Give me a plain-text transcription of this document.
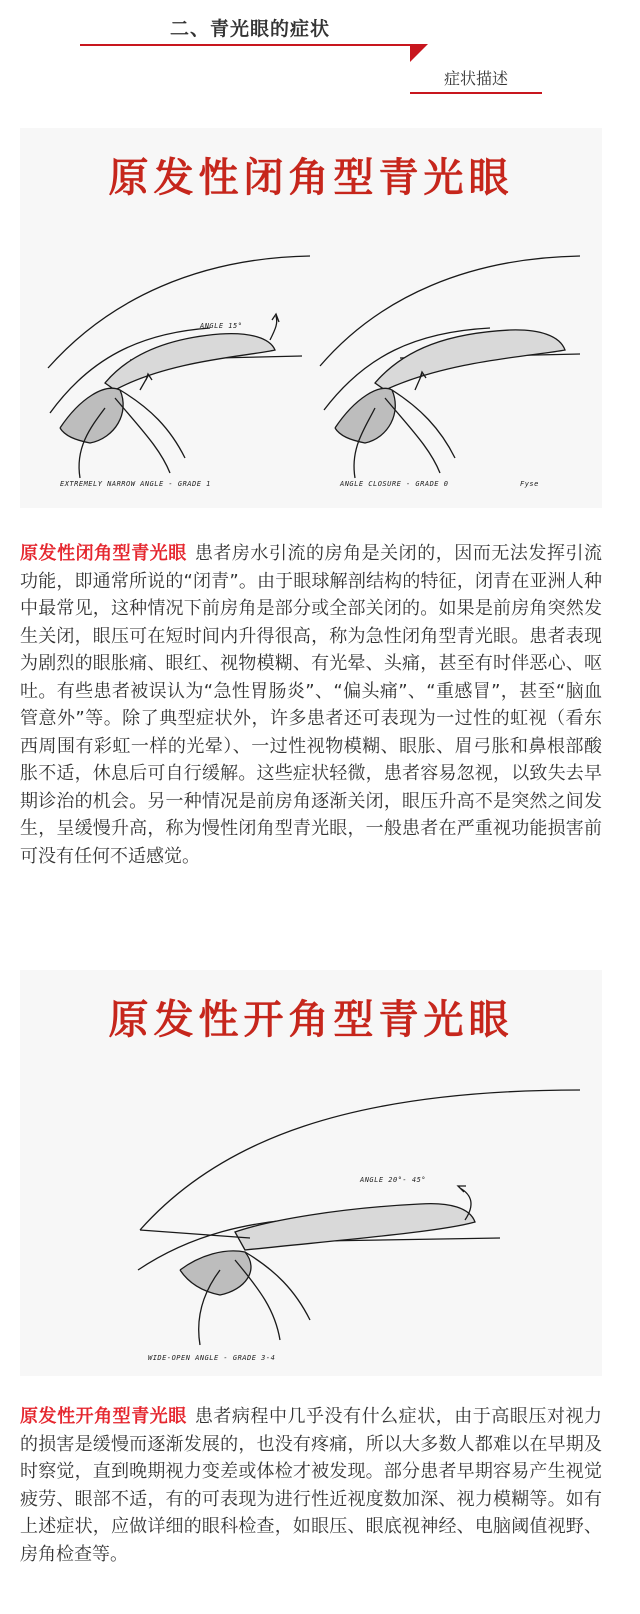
二、青光眼的症状
症状描述
原发性闭角型青光眼
ANGLE 15°
EXTREMELY NARROW ANGLE - GRADE 1	ANGLE CLOSURE - GRADE 0	Fyse

原发性闭角型青光眼 患者房水引流的房角是关闭的，因而无法发挥引流功能，即通常所说的“闭青”。由于眼球解剖结构的特征，闭青在亚洲人种中最常见，这种情况下前房角是部分或全部关闭的。如果是前房角突然发生关闭，眼压可在短时间内升得很高，称为急性闭角型青光眼。患者表现为剧烈的眼胀痛、眼红、视物模糊、有光晕、头痛，甚至有时伴恶心、呕吐。有些患者被误认为“急性胃肠炎”、“偏头痛”、“重感冒”，甚至“脑血管意外”等。除了典型症状外，许多患者还可表现为一过性的虹视（看东西周围有彩虹一样的光晕）、一过性视物模糊、眼胀、眉弓胀和鼻根部酸胀不适，休息后可自行缓解。这些症状轻微，患者容易忽视，以致失去早期诊治的机会。另一种情况是前房角逐渐关闭，眼压升高不是突然之间发生，呈缓慢升高，称为慢性闭角型青光眼，一般患者在严重视功能损害前可没有任何不适感觉。

原发性开角型青光眼
ANGLE 20°- 45°
WIDE-OPEN ANGLE - GRADE 3-4

原发性开角型青光眼 患者病程中几乎没有什么症状，由于高眼压对视力的损害是缓慢而逐渐发展的，也没有疼痛，所以大多数人都难以在早期及时察觉，直到晚期视力变差或体检才被发现。部分患者早期容易产生视觉疲劳、眼部不适，有的可表现为进行性近视度数加深、视力模糊等。如有上述症状，应做详细的眼科检查，如眼压、眼底视神经、电脑阈值视野、房角检查等。
